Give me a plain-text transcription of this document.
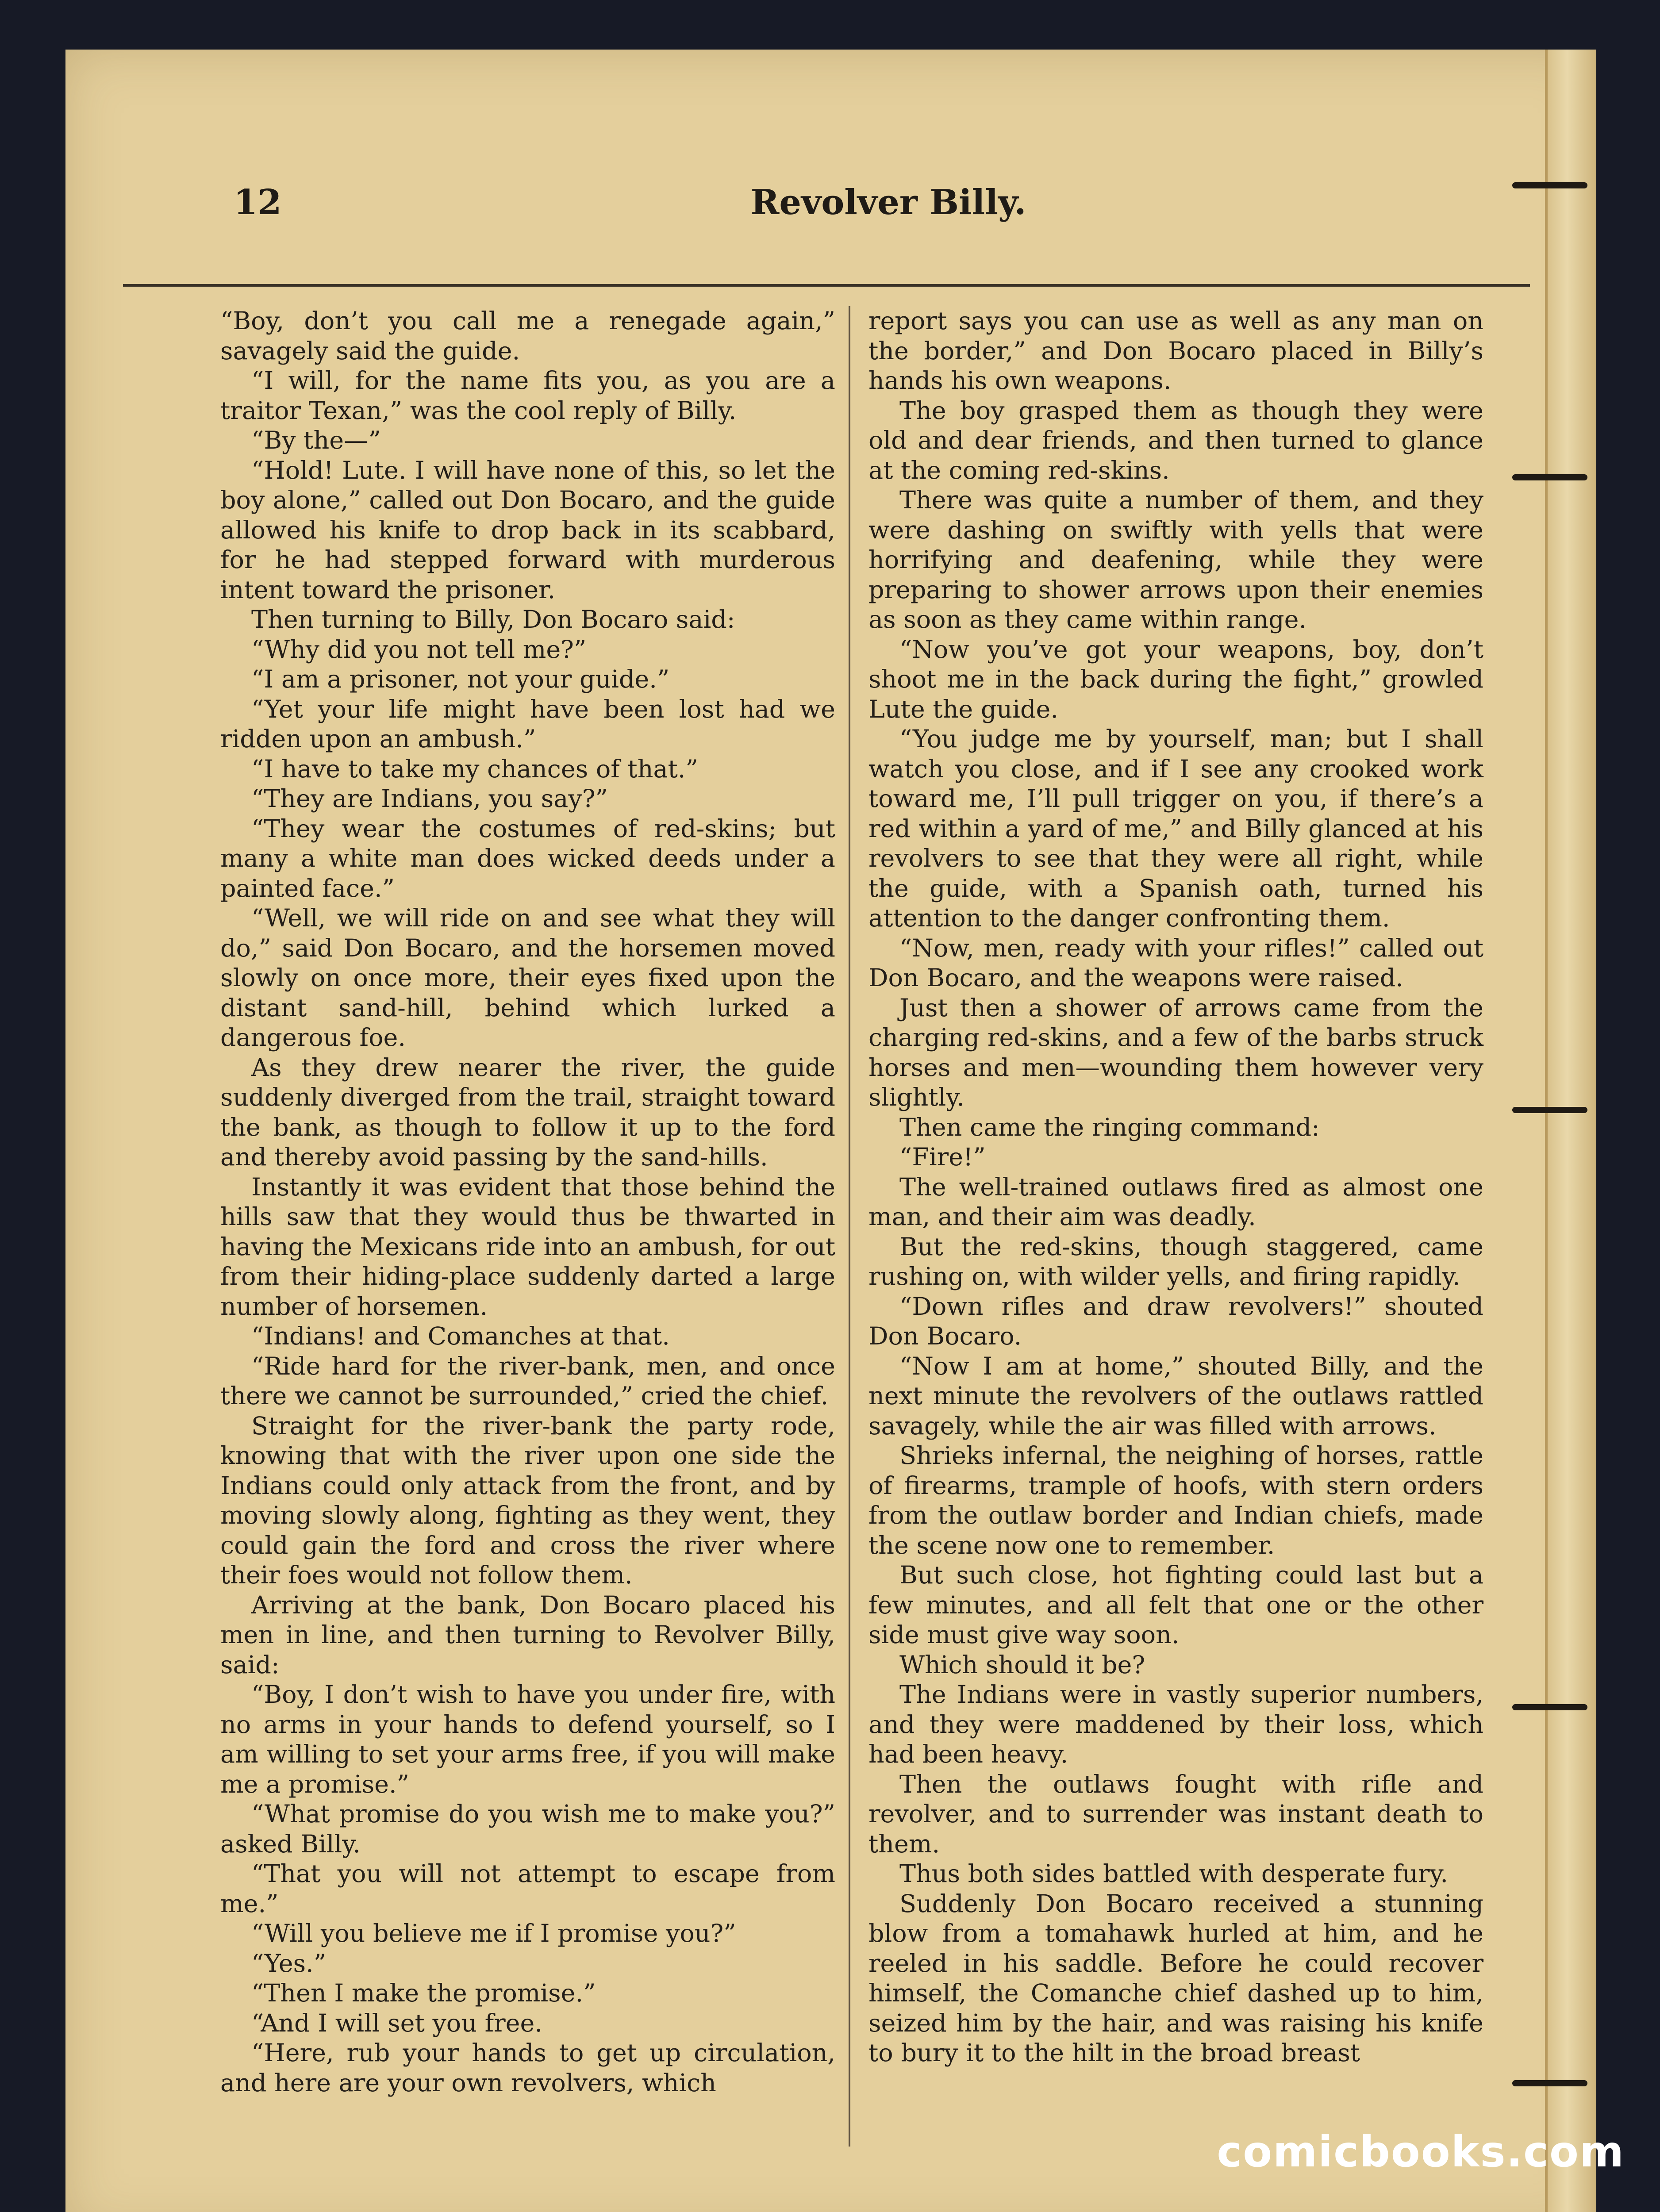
12	Revolver Billy.

“Boy, don’t you call me a renegade again,” savagely said the guide.

“I will, for the name fits you, as you are a traitor Texan,” was the cool reply of Billy.

“By the—”

“Hold! Lute. I will have none of this, so let the boy alone,” called out Don Bocaro, and the guide allowed his knife to drop back in its scabbard, for he had stepped forward with murderous intent toward the prisoner.

Then turning to Billy, Don Bocaro said:

“Why did you not tell me?”

“I am a prisoner, not your guide.”

“Yet your life might have been lost had we ridden upon an ambush.”

“I have to take my chances of that.”

“They are Indians, you say?”

“They wear the costumes of red-skins; but many a white man does wicked deeds under a painted face.”

“Well, we will ride on and see what they will do,” said Don Bocaro, and the horsemen moved slowly on once more, their eyes fixed upon the distant sand-hill, behind which lurked a dangerous foe.

As they drew nearer the river, the guide suddenly diverged from the trail, straight toward the bank, as though to follow it up to the ford and thereby avoid passing by the sand-hills.

Instantly it was evident that those behind the hills saw that they would thus be thwarted in having the Mexicans ride into an ambush, for out from their hiding-place suddenly darted a large number of horsemen.

“Indians! and Comanches at that.

“Ride hard for the river-bank, men, and once there we cannot be surrounded,” cried the chief.

Straight for the river-bank the party rode, knowing that with the river upon one side the Indians could only attack from the front, and by moving slowly along, fighting as they went, they could gain the ford and cross the river where their foes would not follow them.

Arriving at the bank, Don Bocaro placed his men in line, and then turning to Revolver Billy, said:

“Boy, I don’t wish to have you under fire, with no arms in your hands to defend yourself, so I am willing to set your arms free, if you will make me a promise.”

“What promise do you wish me to make you?” asked Billy.

“That you will not attempt to escape from me.”

“Will you believe me if I promise you?”

“Yes.”

“Then I make the promise.”

“And I will set you free.

“Here, rub your hands to get up circulation, and here are your own revolvers, which

report says you can use as well as any man on the border,” and Don Bocaro placed in Billy’s hands his own weapons.

The boy grasped them as though they were old and dear friends, and then turned to glance at the coming red-skins.

There was quite a number of them, and they were dashing on swiftly with yells that were horrifying and deafening, while they were preparing to shower arrows upon their enemies as soon as they came within range.

“Now you’ve got your weapons, boy, don’t shoot me in the back during the fight,” growled Lute the guide.

“You judge me by yourself, man; but I shall watch you close, and if I see any crooked work toward me, I’ll pull trigger on you, if there’s a red within a yard of me,” and Billy glanced at his revolvers to see that they were all right, while the guide, with a Spanish oath, turned his attention to the danger confronting them.

“Now, men, ready with your rifles!” called out Don Bocaro, and the weapons were raised.

Just then a shower of arrows came from the charging red-skins, and a few of the barbs struck horses and men—wounding them however very slightly.

Then came the ringing command:

“Fire!”

The well-trained outlaws fired as almost one man, and their aim was deadly.

But the red-skins, though staggered, came rushing on, with wilder yells, and firing rapidly.

“Down rifles and draw revolvers!” shouted Don Bocaro.

“Now I am at home,” shouted Billy, and the next minute the revolvers of the outlaws rattled savagely, while the air was filled with arrows.

Shrieks infernal, the neighing of horses, rattle of firearms, trample of hoofs, with stern orders from the outlaw border and Indian chiefs, made the scene now one to remember.

But such close, hot fighting could last but a few minutes, and all felt that one or the other side must give way soon.

Which should it be?

The Indians were in vastly superior numbers, and they were maddened by their loss, which had been heavy.

Then the outlaws fought with rifle and revolver, and to surrender was instant death to them.

Thus both sides battled with desperate fury.

Suddenly Don Bocaro received a stunning blow from a tomahawk hurled at him, and he reeled in his saddle. Before he could recover himself, the Comanche chief dashed up to him, seized him by the hair, and was raising his knife to bury it to the hilt in the broad breast

comicbooks.com
